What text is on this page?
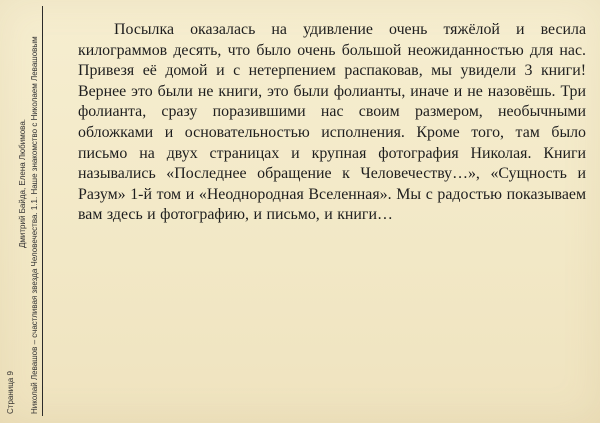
Страница 9
Дмитрий Байда, Елена Любимова. Николай Левашов – счастливая звезда Человечества. 1.1. Наше знакомство с Николаем Левашовым

Посылка оказалась на удивление очень тяжёлой и весила килограммов десять, что было очень большой неожиданностью для нас. Привезя её домой и с нетерпением распаковав, мы увидели 3 книги! Вернее это были не книги, это были фолианты, иначе и не назовёшь. Три фолианта, сразу поразившими нас своим размером, необычными обложками и основательностью исполнения. Кроме того, там было письмо на двух страницах и крупная фотография Николая. Книги назывались «Последнее обращение к Человечеству…», «Сущность и Разум» 1-й том и «Неоднородная Вселенная». Мы с радостью показываем вам здесь и фотографию, и письмо, и книги…
